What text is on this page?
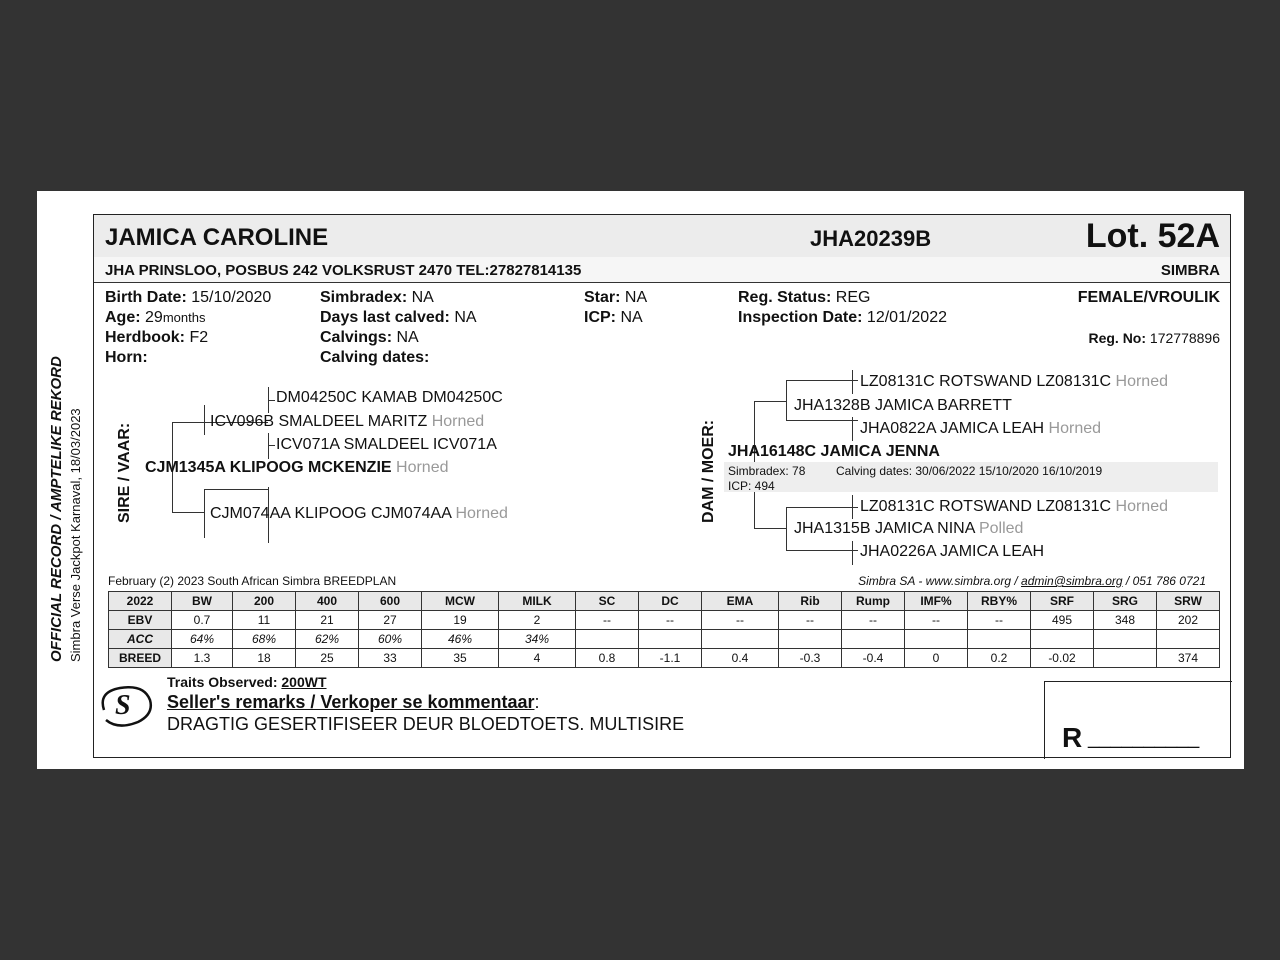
OFFICIAL RECORD / AMPTELIKE REKORD Simbra Verse Jackpot Karnaval, 18/03/2023
JAMICA CAROLINE	JHA20239B	Lot. 52A
JHA PRINSLOO, POSBUS 242 VOLKSRUST 2470 TEL:27827814135	SIMBRA
Birth Date: 15/10/2020
Age: 29months
Herdbook: F2
Horn:
Simbradex: NA
Days last calved: NA
Calvings: NA
Calving dates:
Star: NA
ICP: NA
Reg. Status: REG
Inspection Date: 12/01/2022
FEMALE/VROULIK
Reg. No: 172778896
SIRE / VAAR:
DM04250C KAMAB DM04250C
ICV096B SMALDEEL MARITZ Horned
ICV071A SMALDEEL ICV071A
CJM1345A KLIPOOG MCKENZIE Horned
CJM074AA KLIPOOG CJM074AA Horned	DAM / MOER:
LZ08131C ROTSWAND LZ08131C Horned
JHA1328B JAMICA BARRETT
JHA0822A JAMICA LEAH Horned
JHA16148C JAMICA JENNA
Simbradex: 78	Calving dates: 30/06/2022 15/10/2020 16/10/2019
ICP: 494
LZ08131C ROTSWAND LZ08131C Horned
JHA1315B JAMICA NINA Polled
JHA0226A JAMICA LEAH
February (2) 2023 South African Simbra BREEDPLAN	Simbra SA - www.simbra.org / admin@simbra.org / 051 786 0721
2022	BW	200	400	600	MCW	MILK	SC	DC	EMA	Rib	Rump	IMF%	RBY%	SRF	SRG	SRW
EBV	0.7	11	21	27	19	2	--	--	--	--	--	--	--	495	348	202
ACC	64%	68%	62%	60%	46%	34%										
BREED	1.3	18	25	33	35	4	0.8	-1.1	0.4	-0.3	-0.4	0	0.2	-0.02		374
S
Traits Observed: 200WT
Seller's remarks / Verkoper se kommentaar:
DRAGTIG GESERTIFISEER DEUR BLOEDTOETS. MULTISIRE	R __________
